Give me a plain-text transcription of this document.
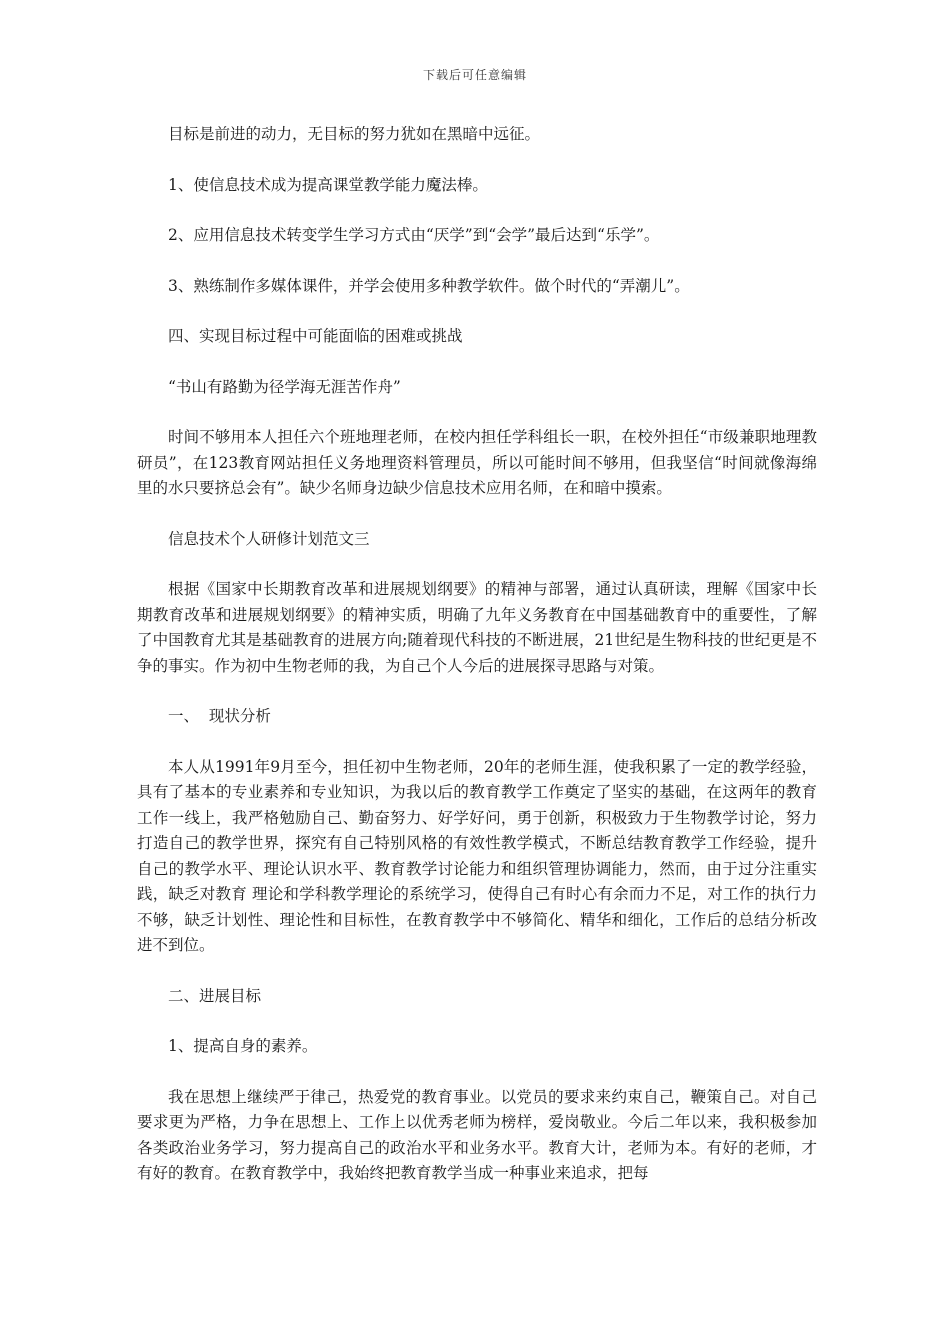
下载后可任意编辑

目标是前进的动力，无目标的努力犹如在黑暗中远征。

1、使信息技术成为提高课堂教学能力魔法棒。

2、应用信息技术转变学生学习方式由“厌学”到“会学”最后达到“乐学”。

3、熟练制作多媒体课件，并学会使用多种教学软件。做个时代的“弄潮儿”。

四、实现目标过程中可能面临的困难或挑战

“书山有路勤为径学海无涯苦作舟”

时间不够用本人担任六个班地理老师，在校内担任学科组长一职，在校外担任“市级兼职地理教研员”，在123教育网站担任义务地理资料管理员，所以可能时间不够用，但我坚信“时间就像海绵里的水只要挤总会有”。缺少名师身边缺少信息技术应用名师，在和暗中摸索。

信息技术个人研修计划范文三

根据《国家中长期教育改革和进展规划纲要》的精神与部署，通过认真研读，理解《国家中长期教育改革和进展规划纲要》的精神实质，明确了九年义务教育在中国基础教育中的重要性，了解了中国教育尤其是基础教育的进展方向;随着现代科技的不断进展，21世纪是生物科技的世纪更是不争的事实。作为初中生物老师的我，为自己个人今后的进展探寻思路与对策。

一、  现状分析

本人从1991年9月至今，担任初中生物老师，20年的老师生涯，使我积累了一定的教学经验，具有了基本的专业素养和专业知识，为我以后的教育教学工作奠定了坚实的基础，在这两年的教育工作一线上，我严格勉励自己、勤奋努力、好学好问，勇于创新，积极致力于生物教学讨论，努力打造自己的教学世界，探究有自己特别风格的有效性教学模式，不断总结教育教学工作经验，提升自己的教学水平、理论认识水平、教育教学讨论能力和组织管理协调能力，然而，由于过分注重实践，缺乏对教育 理论和学科教学理论的系统学习，使得自己有时心有余而力不足，对工作的执行力不够，缺乏计划性、理论性和目标性，在教育教学中不够简化、精华和细化，工作后的总结分析改进不到位。

二、进展目标

1、提高自身的素养。

我在思想上继续严于律己，热爱党的教育事业。以党员的要求来约束自己，鞭策自己。对自己要求更为严格，力争在思想上、工作上以优秀老师为榜样，爱岗敬业。今后二年以来，我积极参加各类政治业务学习，努力提高自己的政治水平和业务水平。教育大计，老师为本。有好的老师，才有好的教育。在教育教学中，我始终把教育教学当成一种事业来追求，把每
